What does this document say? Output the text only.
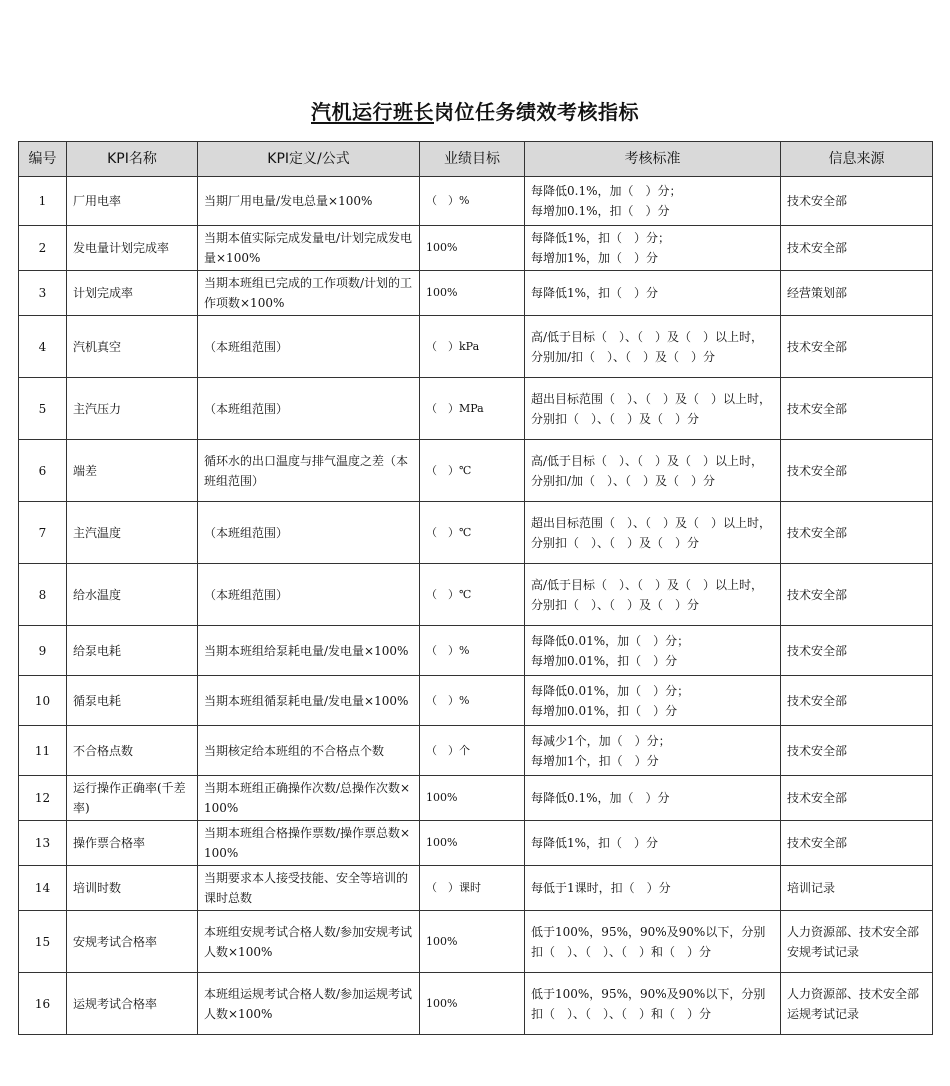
汽机运行班长岗位任务绩效考核指标
编号	KPI名称	KPI定义/公式	业绩目标	考核标准	信息来源
1	厂用电率	当期厂用电量/发电总量×100%	（　）%	每降低0.1%，加（　）分；
每增加0.1%，扣（　）分	技术安全部
2	发电量计划完成率	当期本值实际完成发量电/计划完成发电量×100%	100%	每降低1%，扣（　）分；
每增加1%，加（　）分	技术安全部
3	计划完成率	当期本班组已完成的工作项数/计划的工作项数×100%	100%	每降低1%，扣（　）分	经营策划部
4	汽机真空	（本班组范围）	（　）kPa	高/低于目标（　）、（　）及（　）以上时，分别加/扣（　）、（　）及（　）分	技术安全部
5	主汽压力	（本班组范围）	（　）MPa	超出目标范围（　）、（　）及（　）以上时，分别扣（　）、（　）及（　）分	技术安全部
6	端差	循环水的出口温度与排气温度之差（本班组范围）	（　）℃	高/低于目标（　）、（　）及（　）以上时，分别扣/加（　）、（　）及（　）分	技术安全部
7	主汽温度	（本班组范围）	（　）℃	超出目标范围（　）、（　）及（　）以上时，分别扣（　）、（　）及（　）分	技术安全部
8	给水温度	（本班组范围）	（　）℃	高/低于目标（　）、（　）及（　）以上时，分别扣（　）、（　）及（　）分	技术安全部
9	给泵电耗	当期本班组给泵耗电量/发电量×100%	（　）%	每降低0.01%，加（　）分；
每增加0.01%，扣（　）分	技术安全部
10	循泵电耗	当期本班组循泵耗电量/发电量×100%	（　）%	每降低0.01%，加（　）分；
每增加0.01%，扣（　）分	技术安全部
11	不合格点数	当期核定给本班组的不合格点个数	（　）个	每减少1个，加（　）分；
每增加1个，扣（　）分	技术安全部
12	运行操作正确率(千差率)	当期本班组正确操作次数/总操作次数×100%	100%	每降低0.1%，加（　）分	技术安全部
13	操作票合格率	当期本班组合格操作票数/操作票总数×100%	100%	每降低1%，扣（　）分	技术安全部
14	培训时数	当期要求本人接受技能、安全等培训的课时总数	（　）课时	每低于1课时，扣（　）分	培训记录
15	安规考试合格率	本班组安规考试合格人数/参加安规考试人数×100%	100%	低于100%，95%，90%及90%以下，分别扣（　）、（　）、（　）和（　）分	人力资源部、技术安全部安规考试记录
16	运规考试合格率	本班组运规考试合格人数/参加运规考试人数×100%	100%	低于100%，95%，90%及90%以下，分别扣（　）、（　）、（　）和（　）分	人力资源部、技术安全部运规考试记录
